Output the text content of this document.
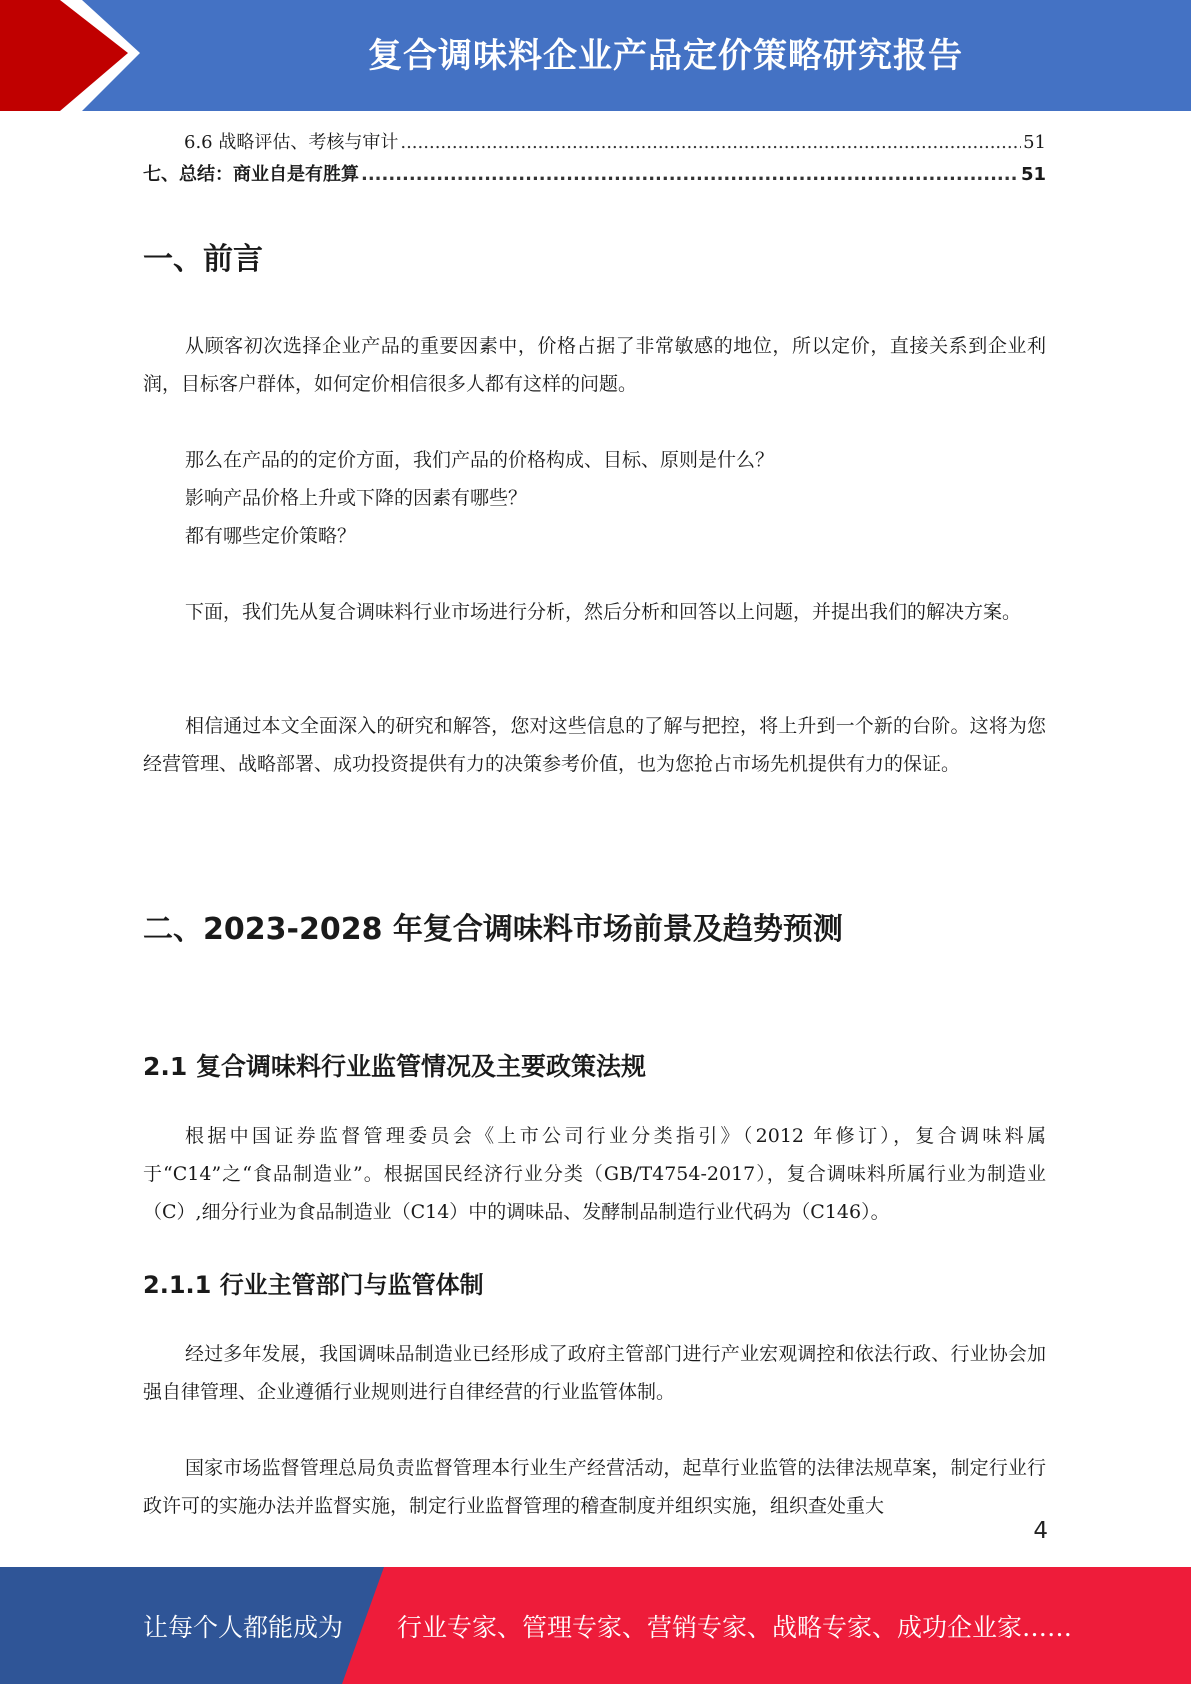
复合调味料企业产品定价策略研究报告
6.6 战略评估、考核与审计 .....	51
七、总结：商业自是有胜算 .....	51
一、前言

从顾客初次选择企业产品的重要因素中，价格占据了非常敏感的地位，所以定价，直接关系到企业利润，目标客户群体，如何定价相信很多人都有这样的问题。

那么在产品的的定价方面，我们产品的价格构成、目标、原则是什么？

影响产品价格上升或下降的因素有哪些？

都有哪些定价策略？

下面，我们先从复合调味料行业市场进行分析，然后分析和回答以上问题，并提出我们的解决方案。

相信通过本文全面深入的研究和解答，您对这些信息的了解与把控，将上升到一个新的台阶。这将为您经营管理、战略部署、成功投资提供有力的决策参考价值，也为您抢占市场先机提供有力的保证。

二、2023-2028 年复合调味料市场前景及趋势预测
2.1 复合调味料行业监管情况及主要政策法规

根据中国证券监督管理委员会《上市公司行业分类指引》（2012 年修订），复合调味料属于“C14”之“食品制造业”。根据国民经济行业分类（GB/T4754-2017），复合调味料所属行业为制造业（C）,细分行业为食品制造业（C14）中的调味品、发酵制品制造行业代码为（C146）。

2.1.1 行业主管部门与监管体制

经过多年发展，我国调味品制造业已经形成了政府主管部门进行产业宏观调控和依法行政、行业协会加强自律管理、企业遵循行业规则进行自律经营的行业监管体制。

国家市场监督管理总局负责监督管理本行业生产经营活动，起草行业监管的法律法规草案，制定行业行政许可的实施办法并监督实施，制定行业监督管理的稽查制度并组织实施，组织查处重大

4
让每个人都能成为 行业专家、管理专家、营销专家、战略专家、成功企业家……
